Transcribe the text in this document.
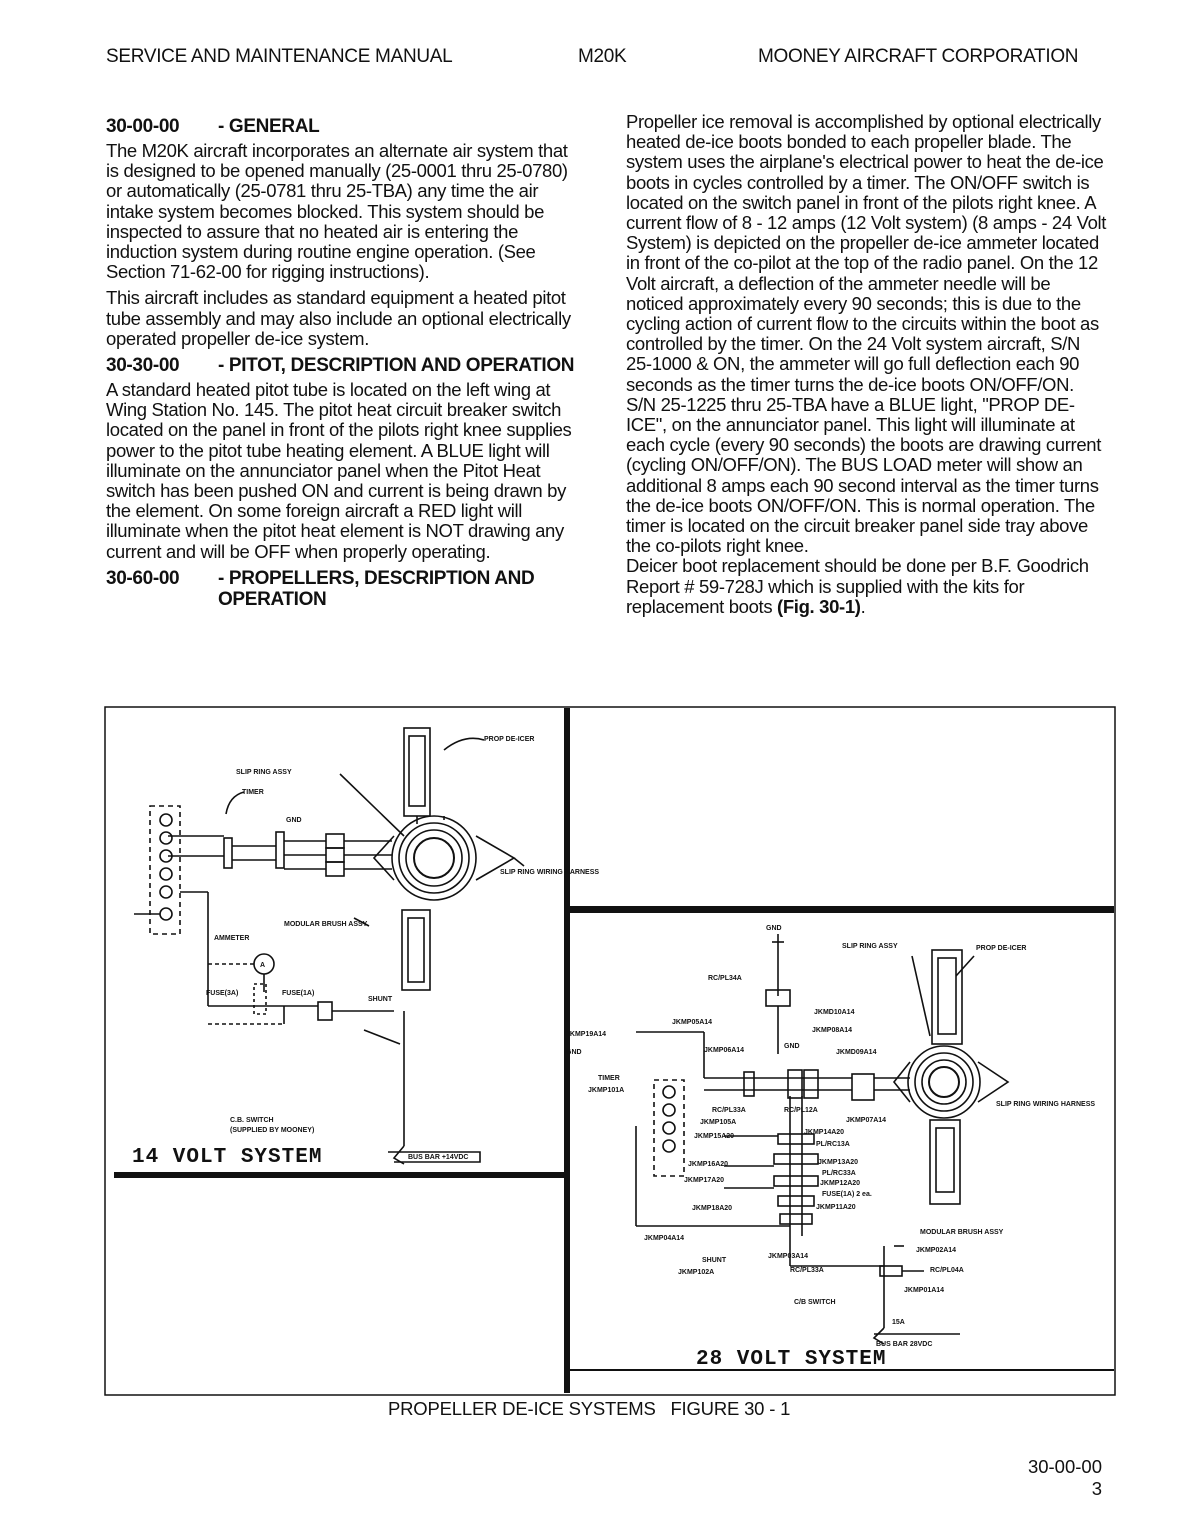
SERVICE AND MAINTENANCE MANUAL	M20K	MOONEY AIRCRAFT CORPORATION
30-00-00	- GENERAL

The M20K aircraft incorporates an alternate air system that is designed to be opened manually (25-0001 thru 25-0780) or automatically (25-0781 thru 25-TBA) any time the air intake system becomes blocked. This system should be inspected to assure that no heated air is entering the induction system during routine engine operation. (See Section 71-62-00 for rigging instructions).

This aircraft includes as standard equipment a heated pitot tube assembly and may also include an optional electrically operated propeller de-ice system.

30-30-00	- PITOT, DESCRIPTION AND OPERATION

A standard heated pitot tube is located on the left wing at Wing Station No. 145. The pitot heat circuit breaker switch located on the panel in front of the pilots right knee supplies power to the pitot tube heating element. A BLUE light will illuminate on the annunciator panel when the Pitot Heat switch has been pushed ON and current is being drawn by the element. On some foreign aircraft a RED light will illuminate when the pitot heat element is NOT drawing any current and will be OFF when properly operating.

30-60-00	- PROPELLERS, DESCRIPTION AND OPERATION

Propeller ice removal is accomplished by optional electrically heated de-ice boots bonded to each propeller blade. The system uses the airplane's electrical power to heat the de-ice boots in cycles controlled by a timer. The ON/OFF switch is located on the switch panel in front of the pilots right knee. A current flow of 8 - 12 amps (12 Volt system) (8 amps - 24 Volt System) is depicted on the propeller de-ice ammeter located in front of the co-pilot at the top of the radio panel. On the 12 Volt aircraft, a deflection of the ammeter needle will be noticed approximately every 90 seconds; this is due to the cycling action of current flow to the circuits within the boot as controlled by the timer. On the 24 Volt system aircraft, S/N 25-1000 & ON, the ammeter will go full deflection each 90 seconds as the timer turns the de-ice boots ON/OFF/ON. S/N 25-1225 thru 25-TBA have a BLUE light, "PROP DE-ICE", on the annunciator panel. This light will illuminate at each cycle (every 90 seconds) the boots are drawing current (cycling ON/OFF/ON). The BUS LOAD meter will show an additional 8 amps each 90 second interval as the timer turns the de-ice boots ON/OFF/ON. This is normal operation. The timer is located on the circuit breaker panel side tray above the co-pilots right knee.

Deicer boot replacement should be done per B.F. Goodrich Report # 59-728J which is supplied with the kits for replacement boots (Fig. 30-1).

PROP DE-ICER
SLIP RING ASSY
TIMER
GND
SLIP RING WIRING HARNESS
MODULAR BRUSH ASSY
AMMETER
A
FUSE(3A)	FUSE(1A)
SHUNT
C.B. SWITCH
(SUPPLIED BY MOONEY)
BUS BAR +14VDC
14 VOLT SYSTEM
GND
SLIP RING ASSY	PROP DE-ICER
RC/PL34A
JKMD10A14
JKMP05A14
JKMP08A14
JKMP19A14
GND	JKMP06A14
GND
JKMD09A14
TIMER
JKMP101A
RC/PL33A	RC/PL12A
JKMP07A14
SLIP RING WIRING HARNESS
JKMP105A
JKMP14A20
JKMP15A20
PL/RC13A
JKMP16A20	JKMP13A20
PL/RC33A
JKMP17A20	JKMP12A20
FUSE(1A) 2 ea.
JKMP18A20	JKMP11A20
JKMP04A14
MODULAR BRUSH ASSY
JKMP02A14
SHUNT
JKMP03A14
JKMP102A	RC/PL33A	RC/PL04A
JKMP01A14
C/B SWITCH
15A
BUS BAR 28VDC
28 VOLT SYSTEM
PROPELLER DE-ICE SYSTEMS   FIGURE 30 - 1
30-00-00
3
